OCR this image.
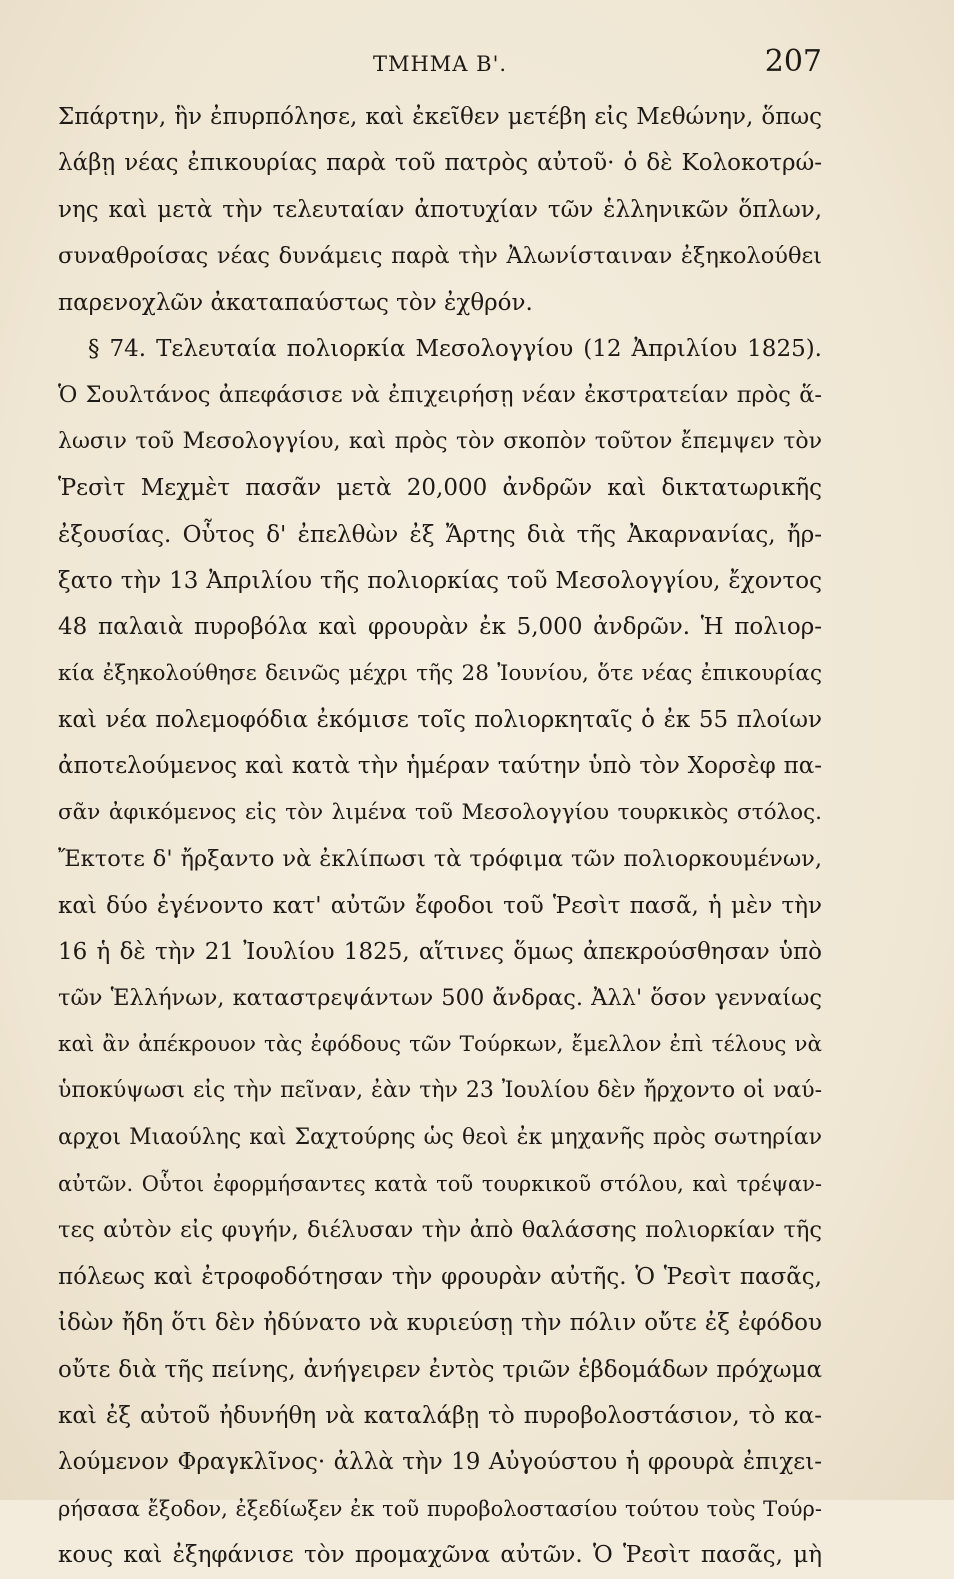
ΤΜΗΜΑ Β'.	207
Σπάρτην, ἣν ἐπυρπόλησε, καὶ ἐκεῖθεν μετέβη εἰς Μεθώνην, ὅπως
λάβῃ νέας ἐπικουρίας παρὰ τοῦ πατρὸς αὐτοῦ· ὁ δὲ Κολοκοτρώ-
νης καὶ μετὰ τὴν τελευταίαν ἀποτυχίαν τῶν ἑλληνικῶν ὅπλων,
συναθροίσας νέας δυνάμεις παρὰ τὴν Ἀλωνίσταιναν ἐξηκολούθει
παρενοχλῶν ἀκαταπαύστως τὸν ἐχθρόν.
§ 74. Τελευταία πολιορκία Μεσολογγίου (12 Ἀπριλίου 1825).
Ὁ Σουλτάνος ἀπεφάσισε νὰ ἐπιχειρήσῃ νέαν ἐκστρατείαν πρὸς ἅ-
λωσιν τοῦ Μεσολογγίου, καὶ πρὸς τὸν σκοπὸν τοῦτον ἔπεμψεν τὸν
Ῥεσὶτ Μεχμὲτ πασᾶν μετὰ 20,000 ἀνδρῶν καὶ δικτατωρικῆς
ἐξουσίας. Οὗτος δ' ἐπελθὼν ἐξ Ἄρτης διὰ τῆς Ἀκαρνανίας, ἤρ-
ξατο τὴν 13 Ἀπριλίου τῆς πολιορκίας τοῦ Μεσολογγίου, ἔχοντος
48 παλαιὰ πυροβόλα καὶ φρουρὰν ἐκ 5,000 ἀνδρῶν. Ἡ πολιορ-
κία ἐξηκολούθησε δεινῶς μέχρι τῆς 28 Ἰουνίου, ὅτε νέας ἐπικουρίας
καὶ νέα πολεμοφόδια ἐκόμισε τοῖς πολιορκηταῖς ὁ ἐκ 55 πλοίων
ἀποτελούμενος καὶ κατὰ τὴν ἡμέραν ταύτην ὑπὸ τὸν Χορσὲφ πα-
σᾶν ἀφικόμενος εἰς τὸν λιμένα τοῦ Μεσολογγίου τουρκικὸς στόλος.
Ἔκτοτε δ' ἤρξαντο νὰ ἐκλίπωσι τὰ τρόφιμα τῶν πολιορκουμένων,
καὶ δύο ἐγένοντο κατ' αὐτῶν ἔφοδοι τοῦ Ῥεσὶτ πασᾶ, ἡ μὲν τὴν
16 ἡ δὲ τὴν 21 Ἰουλίου 1825, αἵτινες ὅμως ἀπεκρούσθησαν ὑπὸ
τῶν Ἑλλήνων, καταστρεψάντων 500 ἄνδρας. Ἀλλ' ὅσον γενναίως
καὶ ἂν ἀπέκρουον τὰς ἐφόδους τῶν Τούρκων, ἔμελλον ἐπὶ τέλους νὰ
ὑποκύψωσι εἰς τὴν πεῖναν, ἐὰν τὴν 23 Ἰουλίου δὲν ἤρχοντο οἱ ναύ-
αρχοι Μιαούλης καὶ Σαχτούρης ὡς θεοὶ ἐκ μηχανῆς πρὸς σωτηρίαν
αὐτῶν. Οὗτοι ἐφορμήσαντες κατὰ τοῦ τουρκικοῦ στόλου, καὶ τρέψαν-
τες αὐτὸν εἰς φυγήν, διέλυσαν τὴν ἀπὸ θαλάσσης πολιορκίαν τῆς
πόλεως καὶ ἐτροφοδότησαν τὴν φρουρὰν αὐτῆς. Ὁ Ῥεσὶτ πασᾶς,
ἰδὼν ἤδη ὅτι δὲν ἠδύνατο νὰ κυριεύσῃ τὴν πόλιν οὔτε ἐξ ἐφόδου
οὔτε διὰ τῆς πείνης, ἀνήγειρεν ἐντὸς τριῶν ἑβδομάδων πρόχωμα
καὶ ἐξ αὐτοῦ ἠδυνήθη νὰ καταλάβῃ τὸ πυροβολοστάσιον, τὸ κα-
λούμενον Φραγκλῖνος· ἀλλὰ τὴν 19 Αὐγούστου ἡ φρουρὰ ἐπιχει-
ρήσασα ἔξοδον, ἐξεδίωξεν ἐκ τοῦ πυροβολοστασίου τούτου τοὺς Τούρ-
κους καὶ ἐξηφάνισε τὸν προμαχῶνα αὐτῶν. Ὁ Ῥεσὶτ πασᾶς, μὴ
